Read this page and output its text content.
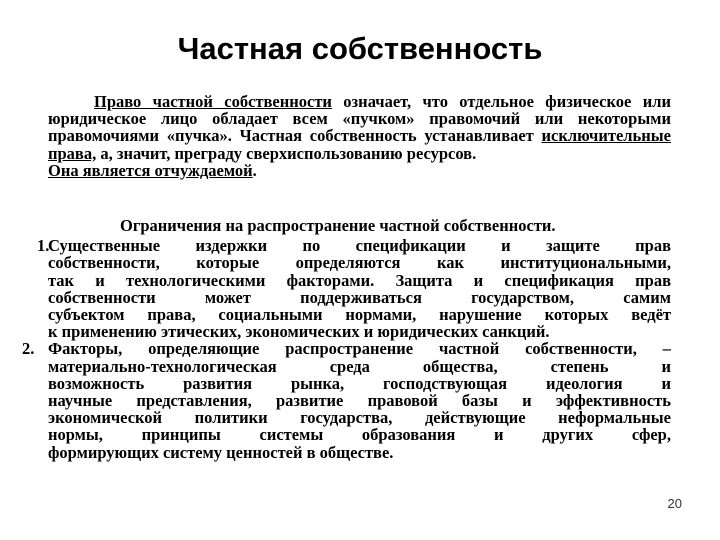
Частная собственность
Право частной собственности означает, что отдельное физическое или юридическое лицо обладает всем «пучком» правомочий или некоторыми правомочиями «пучка». Частная собственность устанавливает исключительные права, а, значит, преграду сверхиспользованию ресурсов.
Она является отчуждаемой.
Ограничения на распространение частной собственности.
1.
Существенные издержки по спецификации и защите прав
собственности, которые определяются как институциональными,
так и технологическими факторами. Защита и спецификация прав
собственности может поддерживаться государством, самим
субъектом права, социальными нормами, нарушение которых ведёт
к применению этических, экономических и юридических санкций.
2. Факторы, определяющие распространение частной собственности, –
материально-технологическая среда общества, степень и
возможность развития рынка, господствующая идеология и
научные представления, развитие правовой базы и эффективность
экономической политики государства, действующие неформальные
нормы, принципы системы образования и других сфер,
формирующих систему ценностей в обществе.
20
